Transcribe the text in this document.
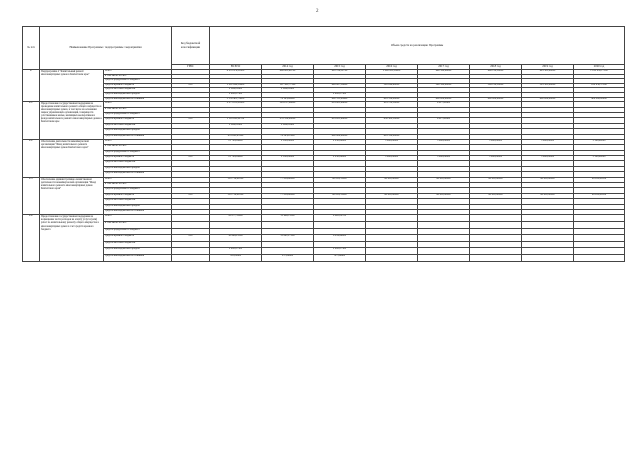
2
№ п/п	Наименование Программы / подпрограммы / мероприятия		Код бюджетной классификации	Объем средств на реализацию Программы							
			ГРБС	ВСЕГО	2014 год	2015 год	2016 год	2017 год	2018 год	2019 год	2020 год
4.	Подпрограмма 4 "Капитальный ремонт многоквартирных домов в Камчатском крае"	Всего		6 255 478,39300	668 805,60700	961 786,52700	1 009 413,10000	940 322,80000	968 130,30000	993 303,00000	1 012 950,17500
		в том числе за счет:									
		средств федерального бюджета									
		средств краевого бюджета	810	1 212 042,50800	167 565,77100	498 807,36800	526 096,90000	540 322,80000	569 130,30000	593 303,00000	612 950,17500
		средств местных бюджетов		2 094,21600	2 094,21600						
		средств внебюджетных фондов		2 445,27500		2 445,27500					
		средств внебюджетных источников		5 558 401,78200	79 145,62000	400 533,88400	483 316,20000	400 000,00000	400 000,00000	400 000,00000	400 000,00000
4.1.	Предоставление государственной поддержки на проведение капитального ремонта общего имущества в многоквартирных домах, в том числе на основании заявок управляющих организаций, товариществ собственников жилья, жилищных кооперативов и фонда капитального ремонта многоквартирных домов в Камчатском крае	Всего		2 075 051,04500	329 237,89600	819 805,94000	919 700,30000	6 917,41600			
		в том числе за счет:									
		средств федерального бюджета									
		средств краевого бюджета	810	1 119 041,22700	276 550,00000	419 005,96000	436 382,10000	6 917,41600			
		средств местных бюджетов		2 094,21600	2 094,21600						
		средств внебюджетных фондов									
		средств внебюджетных источников		953 095,87600	79 593,67800	400 800,00000	483 318,20000				
4.2.	Обеспечение деятельности некоммерческой организации "Фонд капитального ремонта многоквартирных домов Камчатского края"	Всего		21 708,04000	2 180,00000	2 230,24000	3 260,00000	3 260,00000	3 260,00000	3 260,00000	3 390,40000
		в том числе за счет:									
		средств федерального бюджета									
		средств краевого бюджета	810	21 708,04000	2 180,00000	2 230,24000	3 260,00000	3 260,00000	3 260,00000	3 260,00000	3 390,40000
		средств местных бюджетов									
		средств внебюджетных фондов									
		средств внебюджетных источников									
4.3.	Обеспечение административно-хозяйственной деятельности некоммерческой организации "Фонд капитального ремонта многоквартирных домов Камчатского края"	Всего		581 754,81200	77 216,60000	68 816,33000	86 452,80000	86 452,80000	86 452,80000	86 452,80000	89 910,91200
		в том числе за счет:									
		средств федерального бюджета									
		средств краевого бюджета	810	581 754,81200	77 216,60000	68 816,33000	86 452,80000	86 452,80000	86 452,80000	86 452,80000	89 910,91200
		средств местных бюджетов									
		средств внебюджетных фондов									
		средств внебюджетных источников									
4.4.	Предоставление государственной поддержки на возмещение части расходов на оплату услуг и (или) работ по капитальному ремонту общего имущества в многоквартирных домах в счет средств краевого бюджета	Всего		41 877,33000	31 949,11100	9 928,22700					
		в том числе за счет:									
		средств федерального бюджета									
		средств краевого бюджета	810	38 646,23300	31 691,27100	6 954,96000					
		средств местных бюджетов									
		средств внебюджетных фондов		2 445,27500		2 445,27500					
		средств внебюджетных источников		585,82400	257,84000	327,98400					
